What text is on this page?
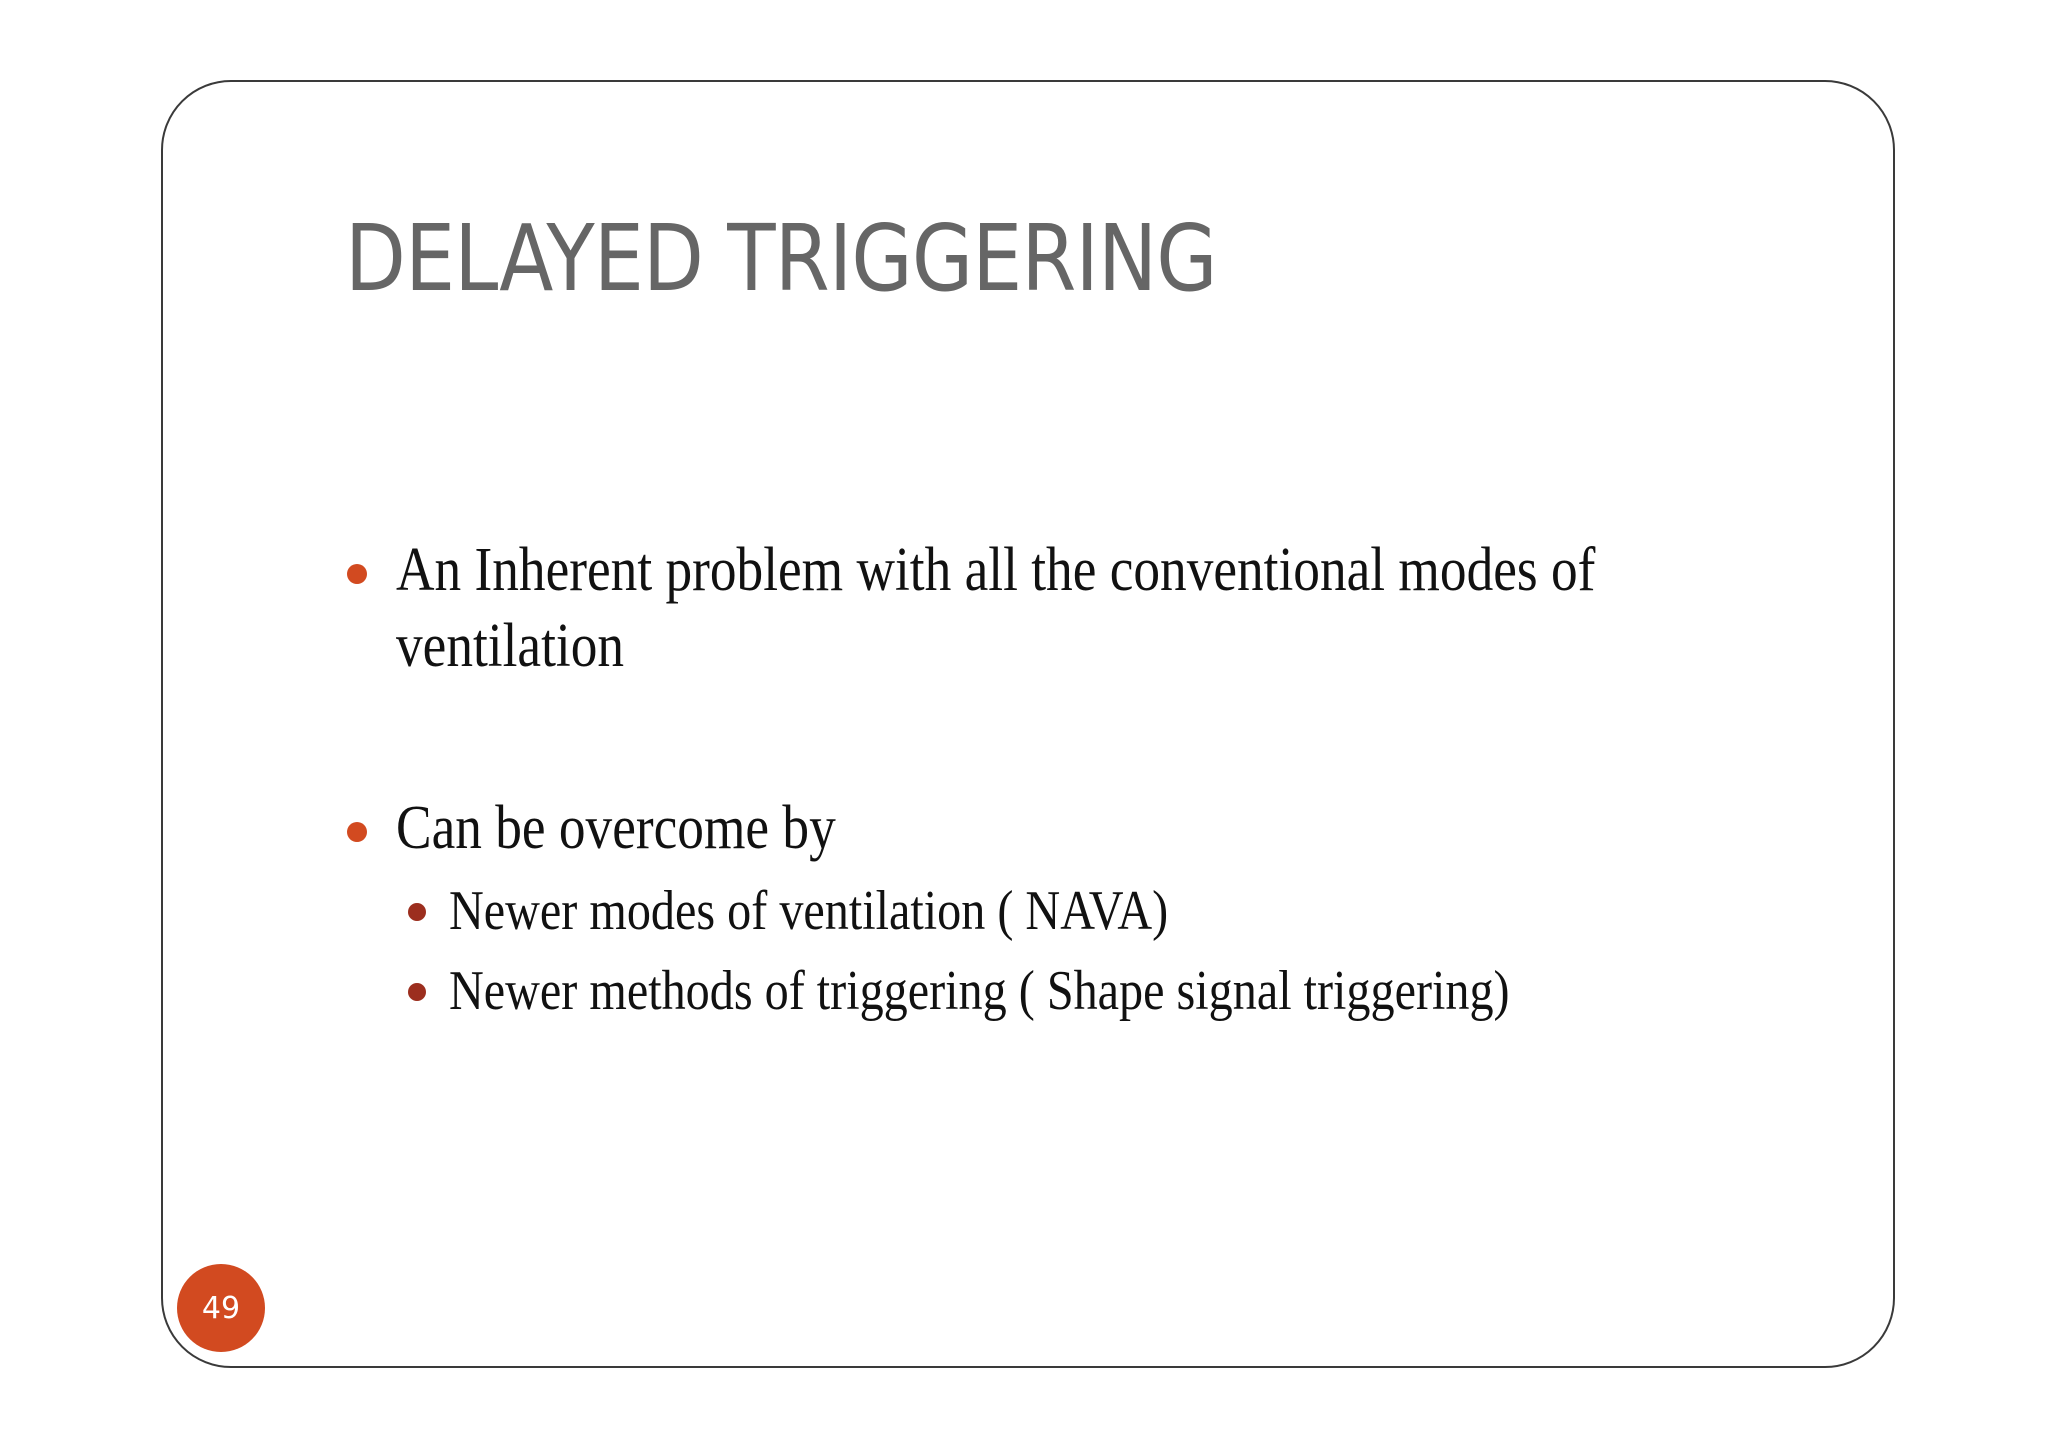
DELAYED TRIGGERING
An Inherent problem with all the conventional modes of ventilation
Can be overcome by
Newer modes of ventilation ( NAVA)
Newer methods of triggering ( Shape signal triggering)
49
